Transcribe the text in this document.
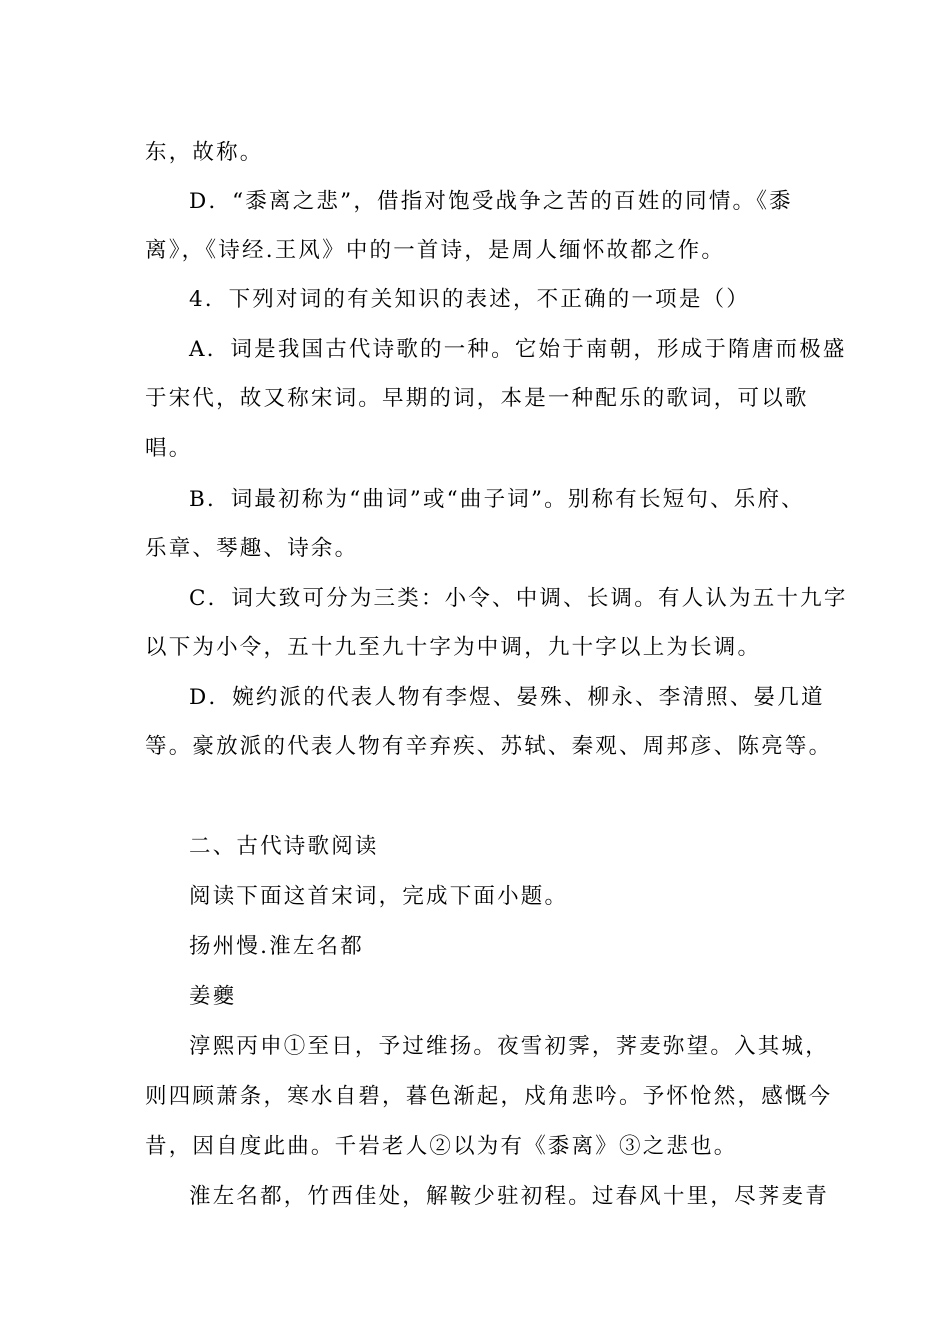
东，故称。
D．“黍离之悲”，借指对饱受战争之苦的百姓的同情。《黍
离》，《诗经.王风》中的一首诗，是周人缅怀故都之作。
4．下列对词的有关知识的表述，不正确的一项是（）
A．词是我国古代诗歌的一种。它始于南朝，形成于隋唐而极盛
于宋代，故又称宋词。早期的词，本是一种配乐的歌词，可以歌
唱。
B．词最初称为“曲词”或“曲子词”。别称有长短句、乐府、
乐章、琴趣、诗余。
C．词大致可分为三类：小令、中调、长调。有人认为五十九字
以下为小令，五十九至九十字为中调，九十字以上为长调。
D．婉约派的代表人物有李煜、晏殊、柳永、李清照、晏几道
等。豪放派的代表人物有辛弃疾、苏轼、秦观、周邦彦、陈亮等。
二、古代诗歌阅读
阅读下面这首宋词，完成下面小题。
扬州慢.淮左名都
姜夔
淳熙丙申①至日，予过维扬。夜雪初霁，荠麦弥望。入其城，
则四顾萧条，寒水自碧，暮色渐起，戍角悲吟。予怀怆然，感慨今
昔，因自度此曲。千岩老人②以为有《黍离》③之悲也。
淮左名都，竹西佳处，解鞍少驻初程。过春风十里，尽荠麦青
